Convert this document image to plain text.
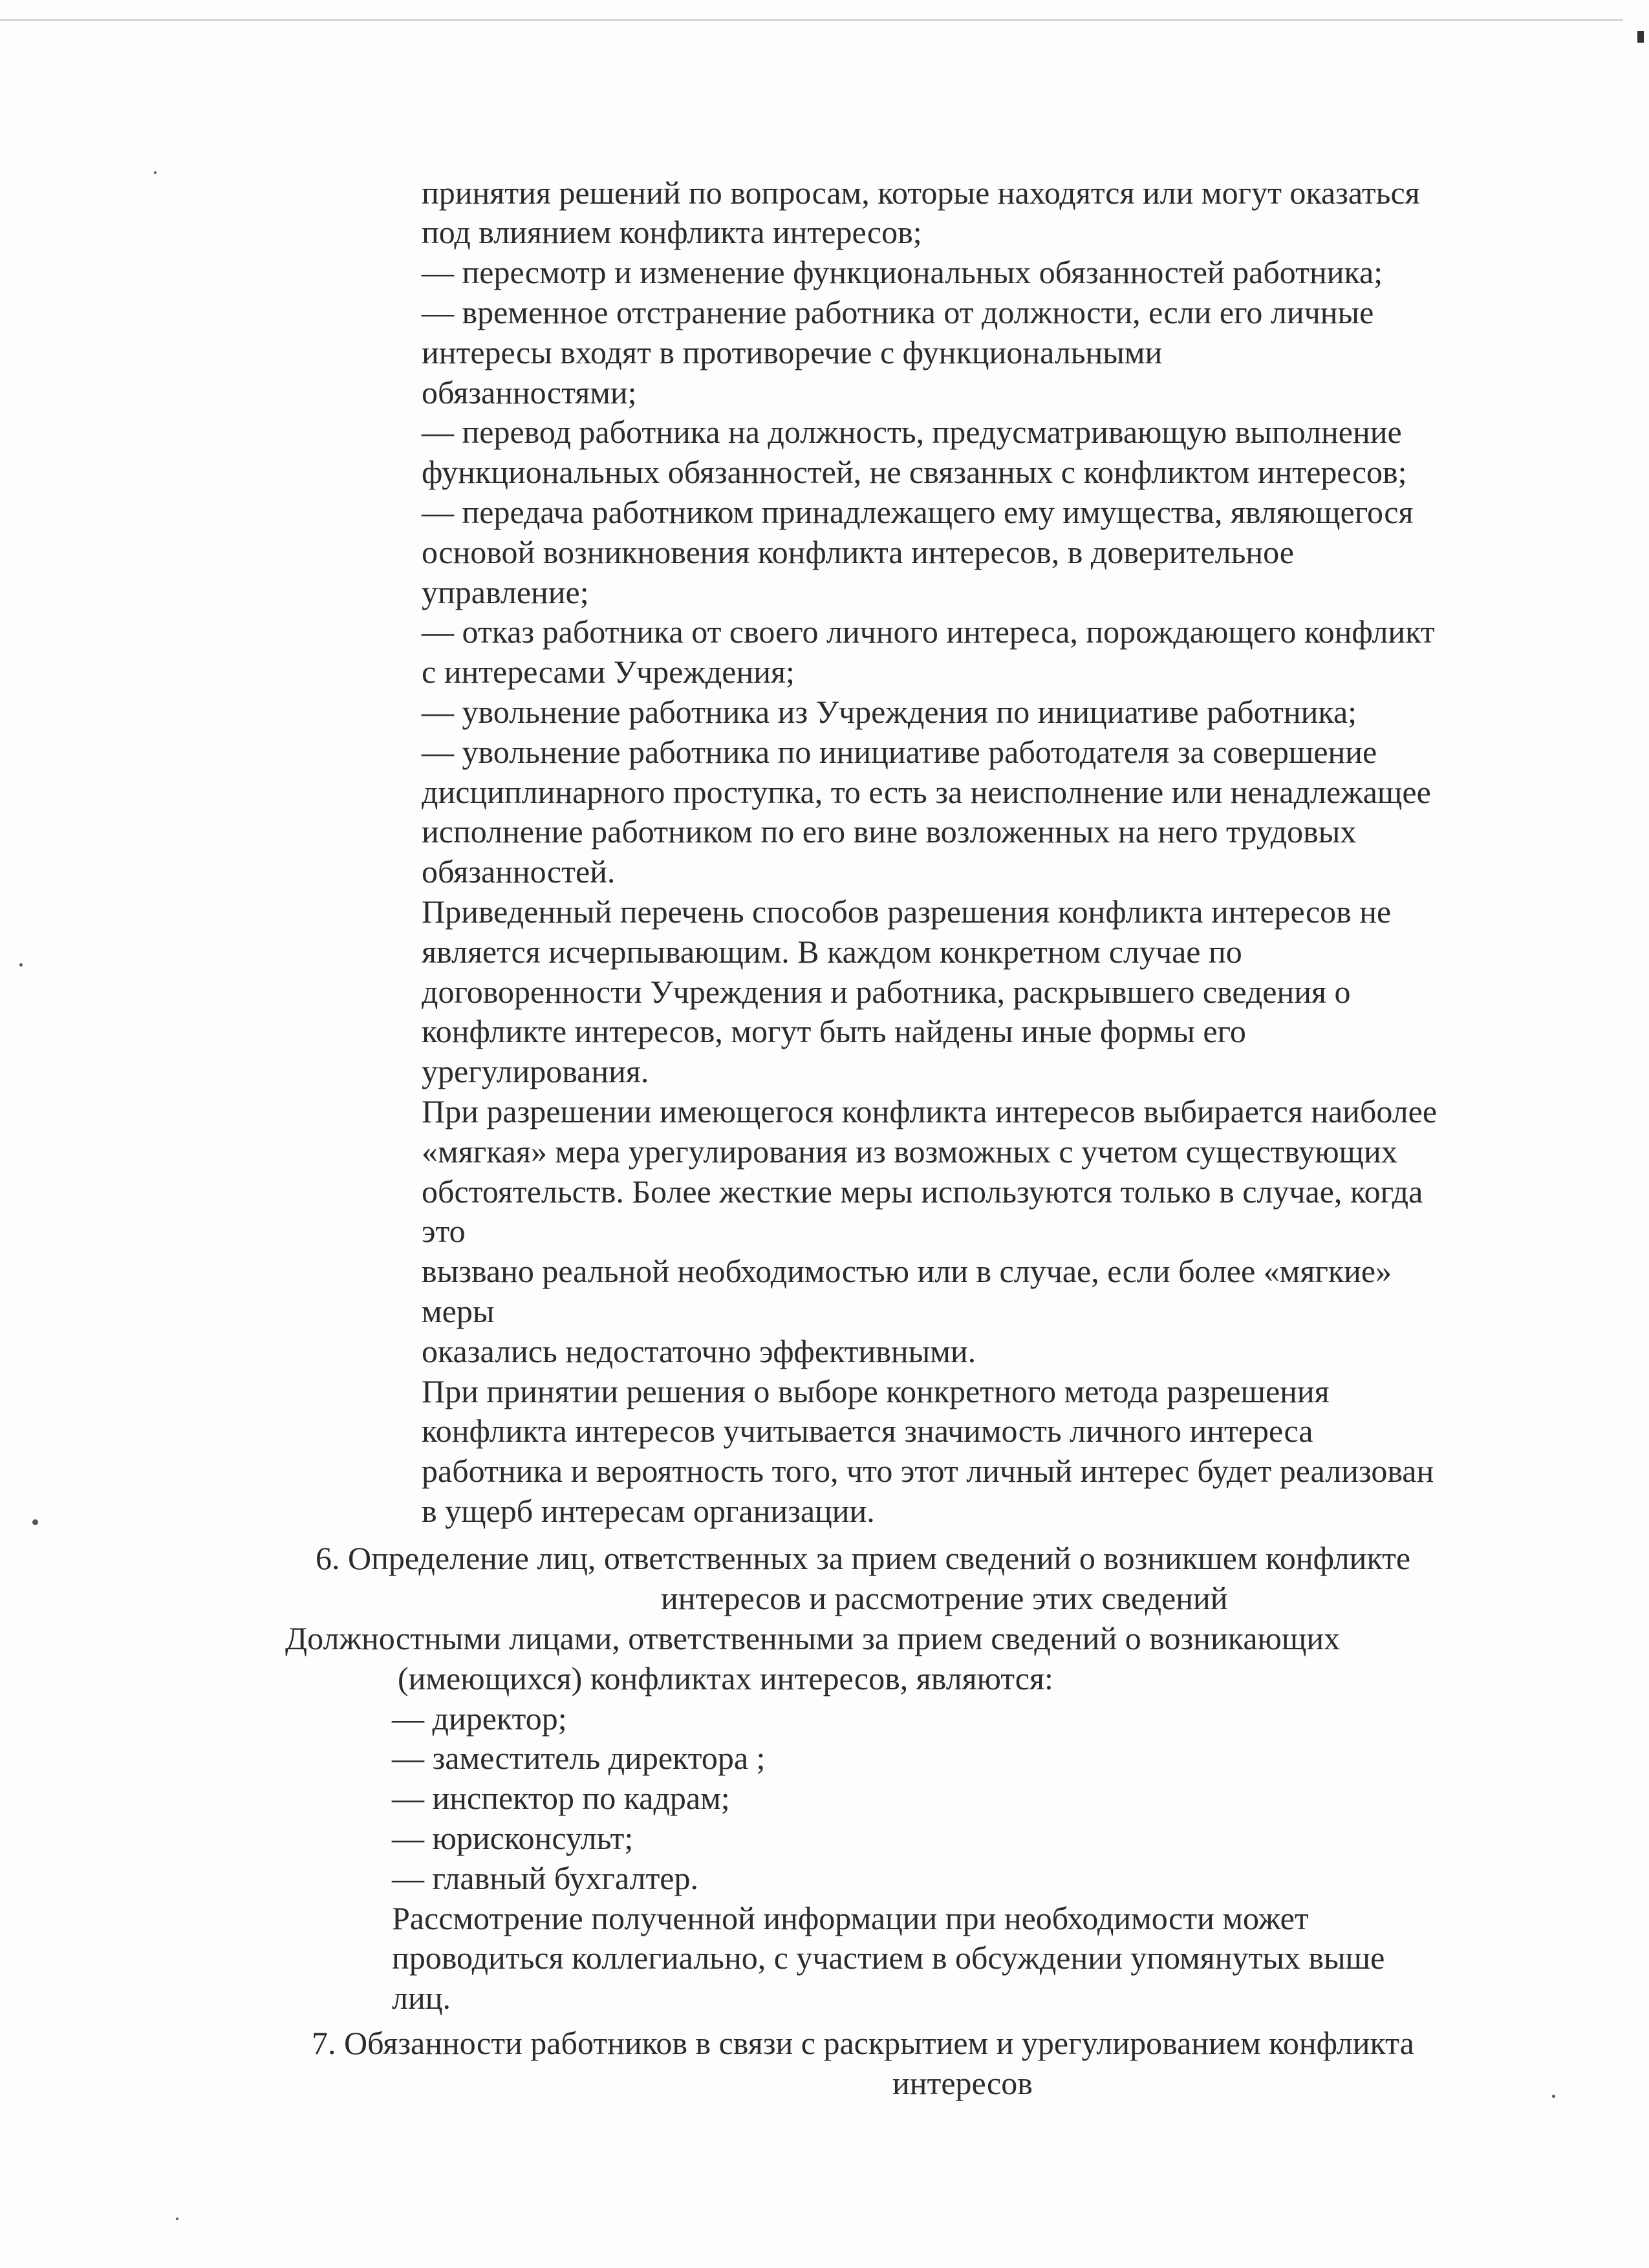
принятия решений по вопросам, которые находятся или могут оказаться
под влиянием конфликта интересов;
— пересмотр и изменение функциональных обязанностей работника;
— временное отстранение работника от должности, если его личные
интересы входят в противоречие с функциональными
обязанностями;
— перевод работника на должность, предусматривающую выполнение
функциональных обязанностей, не связанных с конфликтом интересов;
— передача работником принадлежащего ему имущества, являющегося
основой возникновения конфликта интересов, в доверительное
управление;
— отказ работника от своего личного интереса, порождающего конфликт
с интересами Учреждения;
— увольнение работника из Учреждения по инициативе работника;
— увольнение работника по инициативе работодателя за совершение
дисциплинарного проступка, то есть за неисполнение или ненадлежащее
исполнение работником по его вине возложенных на него трудовых
обязанностей.
Приведенный перечень способов разрешения конфликта интересов не
является исчерпывающим. В каждом конкретном случае по
договоренности Учреждения и работника, раскрывшего сведения о
конфликте интересов, могут быть найдены иные формы его
урегулирования.
При разрешении имеющегося конфликта интересов выбирается наиболее
«мягкая» мера урегулирования из возможных с учетом существующих
обстоятельств. Более жесткие меры используются только в случае, когда
это
вызвано реальной необходимостью или в случае, если более «мягкие»
меры
оказались недостаточно эффективными.
При принятии решения о выборе конкретного метода разрешения
конфликта интересов учитывается значимость личного интереса
работника и вероятность того, что этот личный интерес будет реализован
в ущерб интересам организации.
6. Определение лиц, ответственных за прием сведений о возникшем конфликте
интересов и рассмотрение этих сведений
Должностными лицами, ответственными за прием сведений о возникающих
(имеющихся) конфликтах интересов, являются:
— директор;
— заместитель директора ;
— инспектор по кадрам;
— юрисконсульт;
— главный бухгалтер.
Рассмотрение полученной информации при необходимости может
проводиться коллегиально, с участием в обсуждении упомянутых выше
лиц.
7. Обязанности работников в связи с раскрытием и урегулированием конфликта
интересов
